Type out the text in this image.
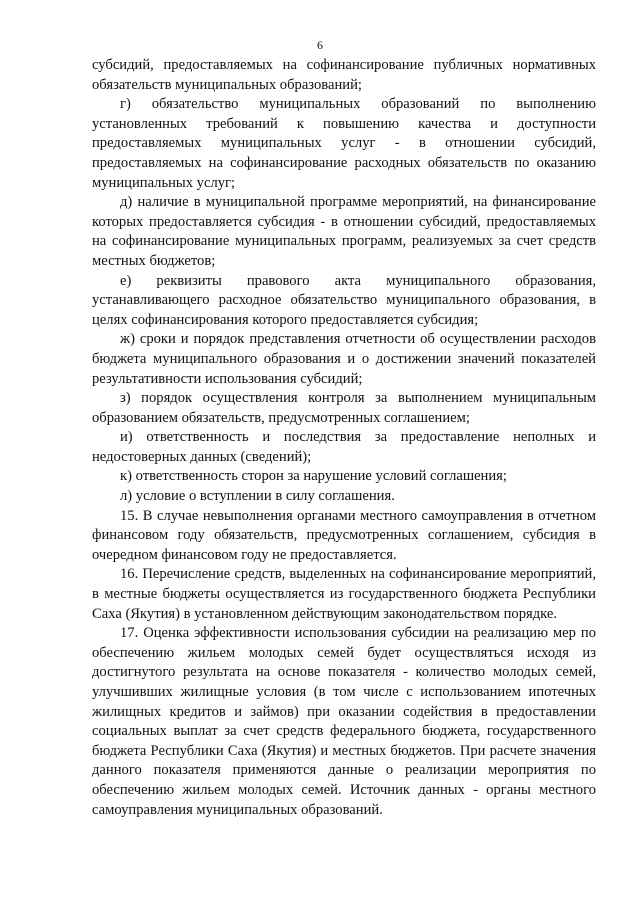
6

субсидий, предоставляемых на софинансирование публичных нормативных обязательств муниципальных образований;

г) обязательство муниципальных образований по выполнению установленных требований к повышению качества и доступности предоставляемых муниципальных услуг - в отношении субсидий, предоставляемых на софинансирование расходных обязательств по оказанию муниципальных услуг;

д) наличие в муниципальной программе мероприятий, на финансирование которых предоставляется субсидия - в отношении субсидий, предоставляемых на софинансирование муниципальных программ, реализуемых за счет средств местных бюджетов;

е) реквизиты правового акта муниципального образования, устанавливающего расходное обязательство муниципального образования, в целях софинансирования которого предоставляется субсидия;

ж) сроки и порядок представления отчетности об осуществлении расходов бюджета муниципального образования и о достижении значений показателей результативности использования субсидий;

з) порядок осуществления контроля за выполнением муниципальным образованием обязательств, предусмотренных соглашением;

и) ответственность и последствия за предоставление неполных и недостоверных данных (сведений);

к) ответственность сторон за нарушение условий соглашения;

л) условие о вступлении в силу соглашения.

15. В случае невыполнения органами местного самоуправления в отчетном финансовом году обязательств, предусмотренных соглашением, субсидия в очередном финансовом году не предоставляется.

16. Перечисление средств, выделенных на софинансирование мероприятий, в местные бюджеты осуществляется из государственного бюджета Республики Саха (Якутия) в установленном действующим законодательством порядке.

17. Оценка эффективности использования субсидии на реализацию мер по обеспечению жильем молодых семей будет осуществляться исходя из достигнутого результата на основе показателя - количество молодых семей, улучшивших жилищные условия (в том числе с использованием ипотечных жилищных кредитов и займов) при оказании содействия в предоставлении социальных выплат за счет средств федерального бюджета, государственного бюджета Республики Саха (Якутия) и местных бюджетов. При расчете значения данного показателя применяются данные о реализации мероприятия по обеспечению жильем молодых семей. Источник данных - органы местного самоуправления муниципальных образований.
